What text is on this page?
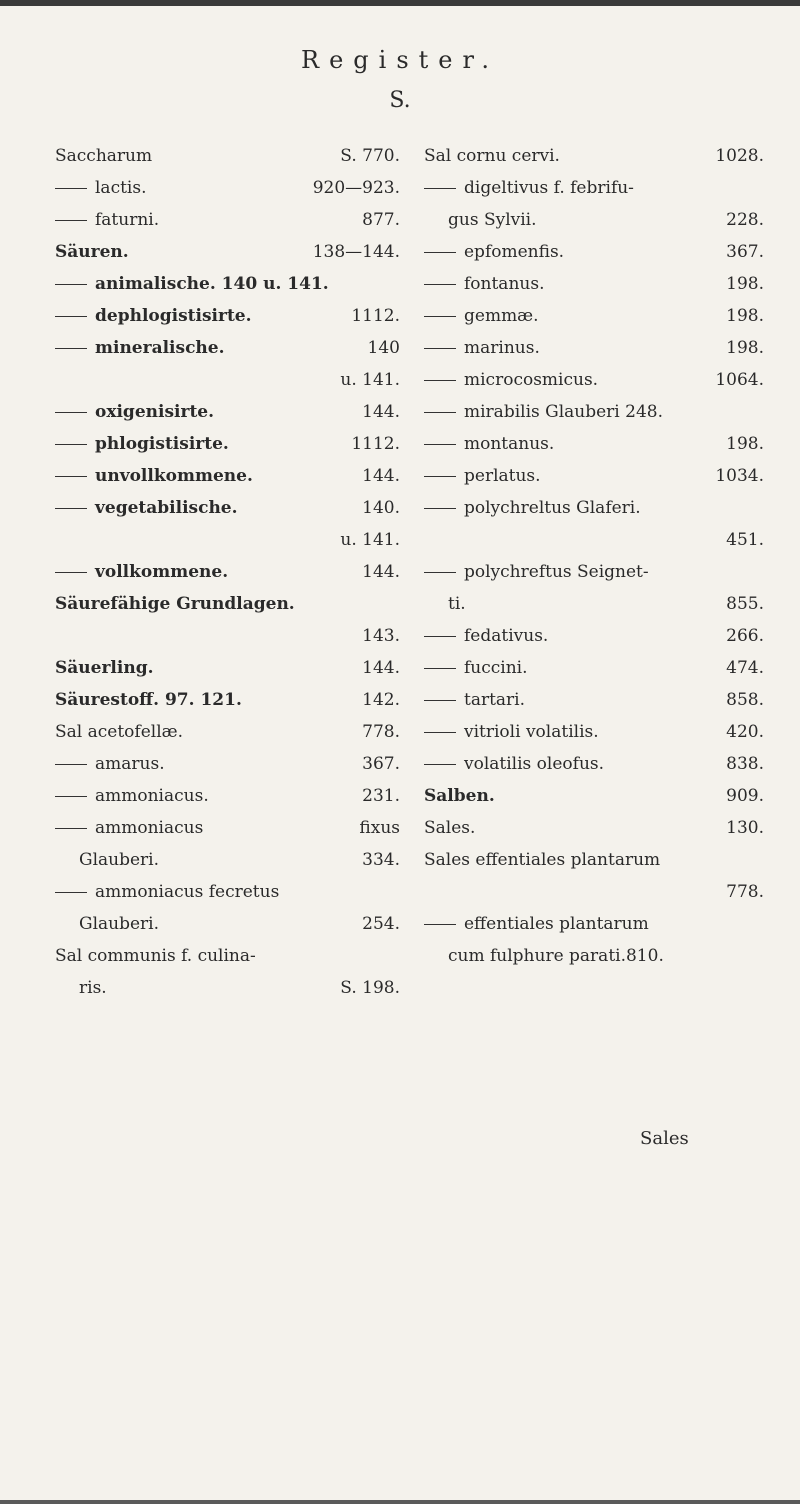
Register.
S.
Saccharum	S. 770.
lactis.	920—923.
faturni.	877.
Säuren.	138—144.
animalische. 140 u. 141.
dephlogistisirte.	1112.
mineralische.	140
u. 141.
oxigenisirte.	144.
phlogistisirte.	1112.
unvollkommene.	144.
vegetabilische.	140.
u. 141.
vollkommene.	144.
Säurefähige Grundlagen.
143.
Säuerling.	144.
Säurestoff. 97. 121.	142.
Sal acetofellæ.	778.
amarus.	367.
ammoniacus.	231.
ammoniacus	fixus
Glauberi.	334.
ammoniacus fecretus
Glauberi.	254.
Sal communis f. culina-
ris.	S. 198.
Sal cornu cervi.	1028.
digeltivus f. febrifu-
gus Sylvii.	228.
epfomenfis.	367.
fontanus.	198.
gemmæ.	198.
marinus.	198.
microcosmicus.	1064.
mirabilis Glauberi 248.
montanus.	198.
perlatus.	1034.
polychreltus Glaferi.
451.
polychreftus Seignet-
ti.	855.
fedativus.	266.
fuccini.	474.
tartari.	858.
vitrioli volatilis.	420.
volatilis oleofus.	838.
Salben.	909.
Sales.	130.
Sales effentiales plantarum
778.
effentiales plantarum
cum fulphure parati.810.
Sales
